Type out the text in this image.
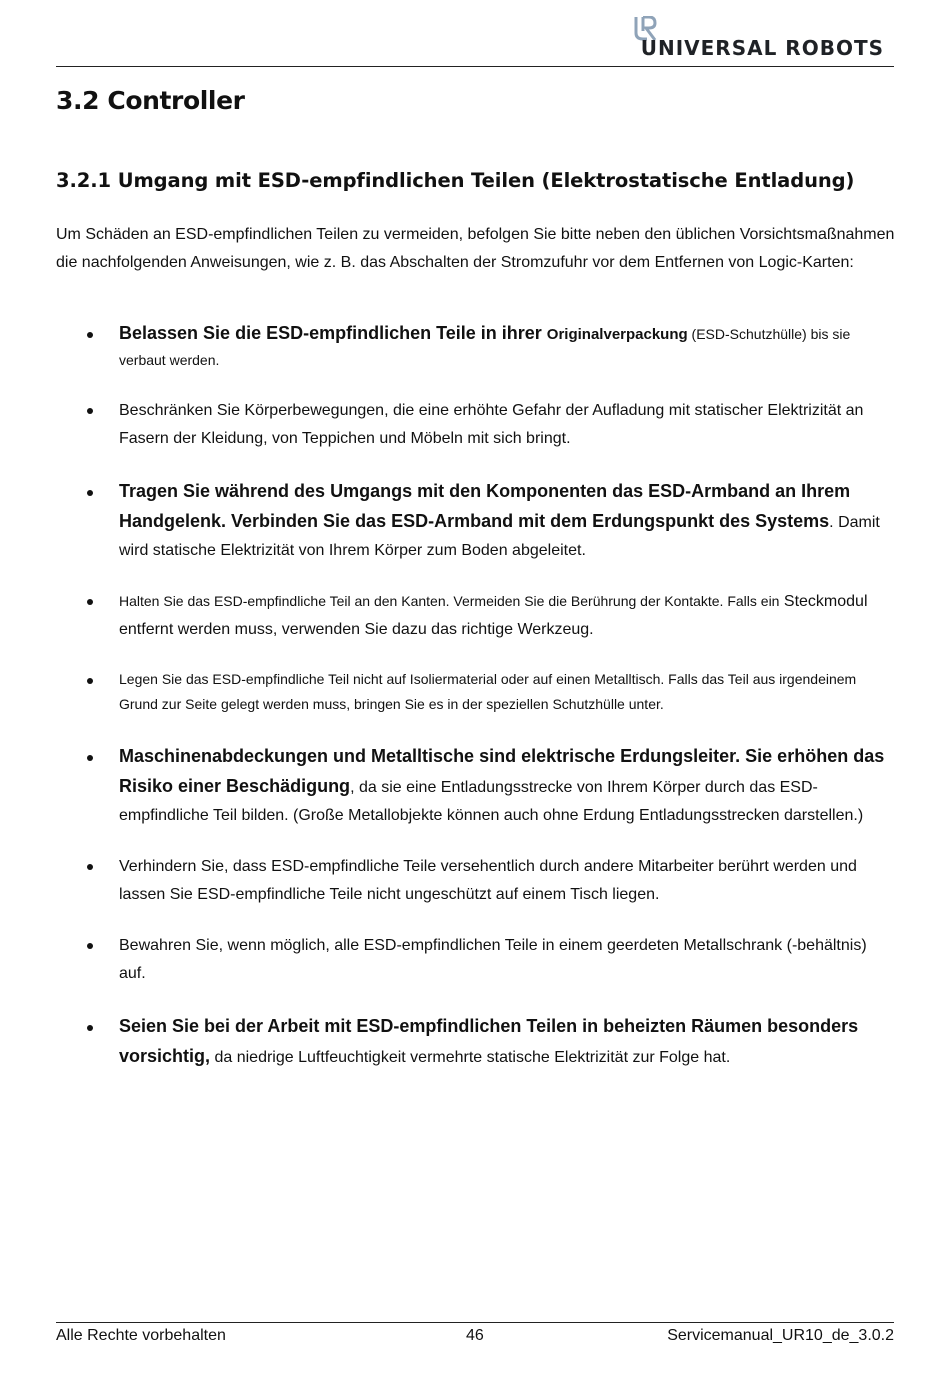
UNIVERSAL ROBOTS
3.2 Controller
3.2.1 Umgang mit ESD-empfindlichen Teilen (Elektrostatische Entladung)

Um Schäden an ESD-empfindlichen Teilen zu vermeiden, befolgen Sie bitte neben den üblichen Vorsichtsmaßnahmen die nachfolgenden Anweisungen, wie z. B. das Abschalten der Stromzufuhr vor dem Entfernen von Logic-Karten:

Belassen Sie die ESD-empfindlichen Teile in ihrer Originalverpackung (ESD-Schutzhülle) bis sie verbaut werden.
Beschränken Sie Körperbewegungen, die eine erhöhte Gefahr der Aufladung mit statischer Elektrizität an Fasern der Kleidung, von Teppichen und Möbeln mit sich bringt.
Tragen Sie während des Umgangs mit den Komponenten das ESD-Armband an Ihrem Handgelenk. Verbinden Sie das ESD-Armband mit dem Erdungspunkt des Systems. Damit wird statische Elektrizität von Ihrem Körper zum Boden abgeleitet.
Halten Sie das ESD-empfindliche Teil an den Kanten. Vermeiden Sie die Berührung der Kontakte. Falls ein Steckmodul entfernt werden muss, verwenden Sie dazu das richtige Werkzeug.
Legen Sie das ESD-empfindliche Teil nicht auf Isoliermaterial oder auf einen Metalltisch. Falls das Teil aus irgendeinem Grund zur Seite gelegt werden muss, bringen Sie es in der speziellen Schutzhülle unter.
Maschinenabdeckungen und Metalltische sind elektrische Erdungsleiter. Sie erhöhen das Risiko einer Beschädigung, da sie eine Entladungsstrecke von Ihrem Körper durch das ESD-empfindliche Teil bilden. (Große Metallobjekte können auch ohne Erdung Entladungsstrecken darstellen.)
Verhindern Sie, dass ESD-empfindliche Teile versehentlich durch andere Mitarbeiter berührt werden und lassen Sie ESD-empfindliche Teile nicht ungeschützt auf einem Tisch liegen.
Bewahren Sie, wenn möglich, alle ESD-empfindlichen Teile in einem geerdeten Metallschrank (-behältnis) auf.
Seien Sie bei der Arbeit mit ESD-empfindlichen Teilen in beheizten Räumen besonders vorsichtig, da niedrige Luftfeuchtigkeit vermehrte statische Elektrizität zur Folge hat.
Alle Rechte vorbehalten	46	Servicemanual_UR10_de_3.0.2
